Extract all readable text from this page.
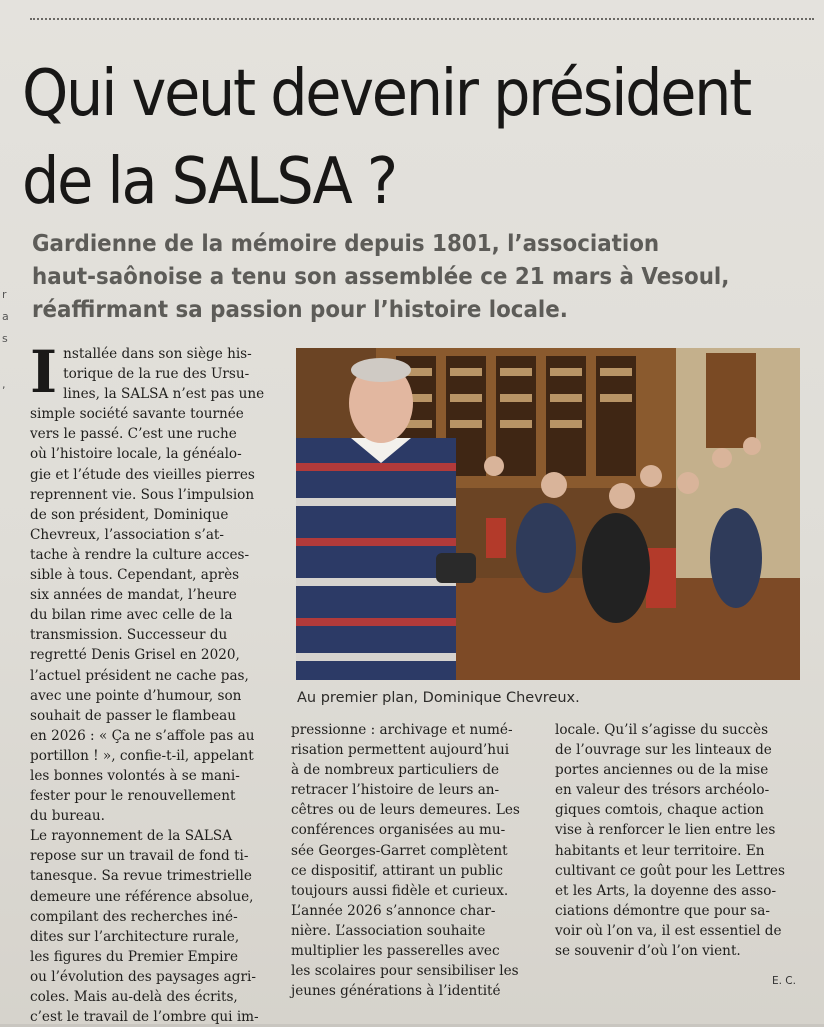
r
a
s
,
Qui veut devenir président
de la SALSA ?
Gardienne de la mémoire depuis 1801, l’association
haut-saônoise a tenu son assemblée ce 21 mars à Vesoul,
réaffirmant sa passion pour l’histoire locale.
I nstallée dans son siège his-
torique de la rue des Ursu-
lines, la SALSA n’est pas une
simple société savante tournée
vers le passé. C’est une ruche
où l’histoire locale, la généalo-
gie et l’étude des vieilles pierres
reprennent vie. Sous l’impulsion
de son président, Dominique
Chevreux, l’association s’at-
tache à rendre la culture acces-
sible à tous. Cependant, après
six années de mandat, l’heure
du bilan rime avec celle de la
transmission. Successeur du
regretté Denis Grisel en 2020,
l’actuel président ne cache pas,
avec une pointe d’humour, son
souhait de passer le flambeau
en 2026 : « Ça ne s’affole pas au
portillon ! », confie-t-il, appelant
les bonnes volontés à se mani-
fester pour le renouvellement
du bureau.
Le rayonnement de la SALSA
repose sur un travail de fond ti-
tanesque. Sa revue trimestrielle
demeure une référence absolue,
compilant des recherches iné-
dites sur l’architecture rurale,
les figures du Premier Empire
ou l’évolution des paysages agri-
coles. Mais au-delà des écrits,
c’est le travail de l’ombre qui im-
Au premier plan, Dominique Chevreux.
pressionne : archivage et numé-
risation permettent aujourd’hui
à de nombreux particuliers de
retracer l’histoire de leurs an-
cêtres ou de leurs demeures. Les
conférences organisées au mu-
sée Georges-Garret complètent
ce dispositif, attirant un public
toujours aussi fidèle et curieux.
L’année 2026 s’annonce char-
nière. L’association souhaite
multiplier les passerelles avec
les scolaires pour sensibiliser les
jeunes générations à l’identité
locale. Qu’il s’agisse du succès
de l’ouvrage sur les linteaux de
portes anciennes ou de la mise
en valeur des trésors archéolo-
giques comtois, chaque action
vise à renforcer le lien entre les
habitants et leur territoire. En
cultivant ce goût pour les Lettres
et les Arts, la doyenne des asso-
ciations démontre que pour sa-
voir où l’on va, il est essentiel de
se souvenir d’où l’on vient.
E. C.
